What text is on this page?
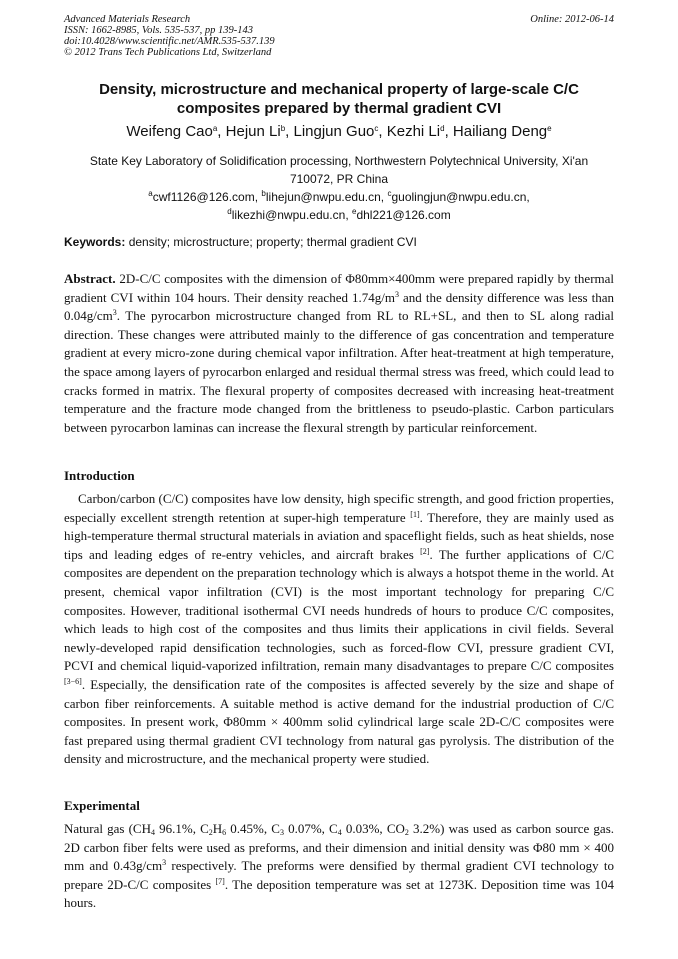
Advanced Materials Research
ISSN: 1662-8985, Vols. 535-537, pp 139-143
doi:10.4028/www.scientific.net/AMR.535-537.139
© 2012 Trans Tech Publications Ltd, Switzerland
Online: 2012-06-14
Density, microstructure and mechanical property of large-scale C/C composites prepared by thermal gradient CVI
Weifeng Cao$^a$, Hejun Li$^b$, Lingjun Guo$^c$, Kezhi Li$^d$, Hailiang Deng$^e$
State Key Laboratory of Solidification processing, Northwestern Polytechnical University, Xi'an
710072, PR China
$^a$cwf1126@126.com, $^b$lihejun@nwpu.edu.cn, $^c$guolingjun@nwpu.edu.cn,
$^d$likezhi@nwpu.edu.cn, $^e$dhl221@126.com
Keywords: density; microstructure; property; thermal gradient CVI
Abstract. 2D-C/C composites with the dimension of Φ80mm×400mm were prepared rapidly by thermal gradient CVI within 104 hours. Their density reached $1.74g/m^3$ and the density difference was less than $0.04g/cm^3$. The pyrocarbon microstructure changed from RL to RL+SL, and then to SL along radial direction. These changes were attributed mainly to the difference of gas concentration and temperature gradient at every micro-zone during chemical vapor infiltration. After heat-treatment at high temperature, the space among layers of pyrocarbon enlarged and residual thermal stress was freed, which could lead to cracks formed in matrix. The flexural property of composites decreased with increasing heat-treatment temperature and the fracture mode changed from the brittleness to pseudo-plastic. Carbon particulars between pyrocarbon laminas can increase the flexural strength by particular reinforcement.
Introduction
Carbon/carbon (C/C) composites have low density, high specific strength, and good friction properties, especially excellent strength retention at super-high temperature [1]. Therefore, they are mainly used as high-temperature thermal structural materials in aviation and spaceflight fields, such as heat shields, nose tips and leading edges of re-entry vehicles, and aircraft brakes [2]. The further applications of C/C composites are dependent on the preparation technology which is always a hotspot theme in the world. At present, chemical vapor infiltration (CVI) is the most important technology for preparing C/C composites. However, traditional isothermal CVI needs hundreds of hours to produce C/C composites, which leads to high cost of the composites and thus limits their applications in civil fields. Several newly-developed rapid densification technologies, such as forced-flow CVI, pressure gradient CVI, PCVI and chemical liquid-vaporized infiltration, remain many disadvantages to prepare C/C composites [3−6]. Especially, the densification rate of the composites is affected severely by the size and shape of carbon fiber reinforcements. A suitable method is active demand for the industrial production of C/C composites. In present work, Φ80mm × 400mm solid cylindrical large scale 2D-C/C composites were fast prepared using thermal gradient CVI technology from natural gas pyrolysis. The distribution of the density and microstructure, and the mechanical property were studied.
Experimental
Natural gas ($CH_4$ 96.1%, $C_2H_6$ 0.45%, $C_3$ 0.07%, $C_4$ 0.03%, $CO_2$ 3.2%) was used as carbon source gas. 2D carbon fiber felts were used as preforms, and their dimension and initial density was Φ80 mm × 400 mm and $0.43g/cm^3$ respectively. The preforms were densified by thermal gradient CVI technology to prepare 2D-C/C composites [7]. The deposition temperature was set at 1273K. Deposition time was 104 hours.
